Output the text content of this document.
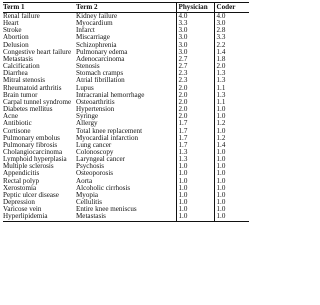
Term 1	Term 2	Physician	Coder
Renal failure	Kidney failure	4.0	4.0
Heart	Myocardium	3.3	3.0
Stroke	Infarct	3.0	2.8
Abortion	Miscarriage	3.0	3.3
Delusion	Schizophrenia	3.0	2.2
Congestive heart failure	Pulmonary edema	3.0	1.4
Metastasis	Adenocarcinoma	2.7	1.8
Calcification	Stenosis	2.7	2.0
Diarrhea	Stomach cramps	2.3	1.3
Mitral stenosis	Atrial fibrillation	2.3	1.3
Rheumatoid arthritis	Lupus	2.0	1.1
Brain tumor	Intracranial hemorrhage	2.0	1.3
Carpal tunnel syndrome	Osteoarthritis	2.0	1.1
Diabetes mellitus	Hypertension	2.0	1.0
Acne	Syringe	2.0	1.0
Antibiotic	Allergy	1.7	1.2
Cortisone	Total knee replacement	1.7	1.0
Pulmonary embolus	Myocardial infarction	1.7	1.2
Pulmonary fibrosis	Lung cancer	1.7	1.4
Cholangiocarcinoma	Colonoscopy	1.3	1.0
Lymphoid hyperplasia	Laryngeal cancer	1.3	1.0
Multiple sclerosis	Psychosis	1.0	1.0
Appendicitis	Osteoporosis	1.0	1.0
Rectal polyp	Aorta	1.0	1.0
Xerostomia	Alcoholic cirrhosis	1.0	1.0
Peptic ulcer disease	Myopia	1.0	1.0
Depression	Cellulitis	1.0	1.0
Varicose vein	Entire knee meniscus	1.0	1.0
Hyperlipidemia	Metastasis	1.0	1.0
